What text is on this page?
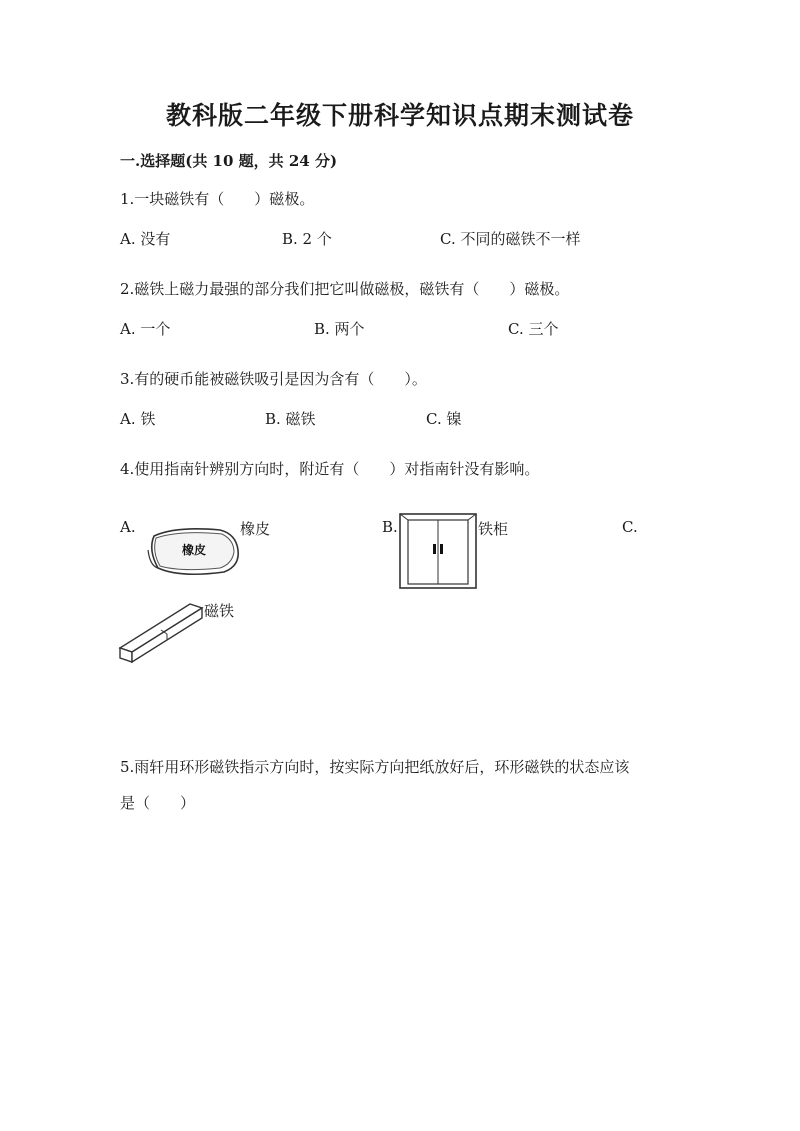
教科版二年级下册科学知识点期末测试卷
一.选择题(共 10 题，共 24 分)
1.一块磁铁有（　　）磁极。
A. 没有	B. 2 个	C. 不同的磁铁不一样
2.磁铁上磁力最强的部分我们把它叫做磁极，磁铁有（　　）磁极。
A. 一个	B. 两个	C. 三个
3.有的硬币能被磁铁吸引是因为含有（　　）。
A. 铁	B. 磁铁	C. 镍
4.使用指南针辨别方向时，附近有（　　）对指南针没有影响。
A.
橡皮
橡皮	B.	铁柜	C.
磁铁
5.雨轩用环形磁铁指示方向时，按实际方向把纸放好后，环形磁铁的状态应该
是（　　）
